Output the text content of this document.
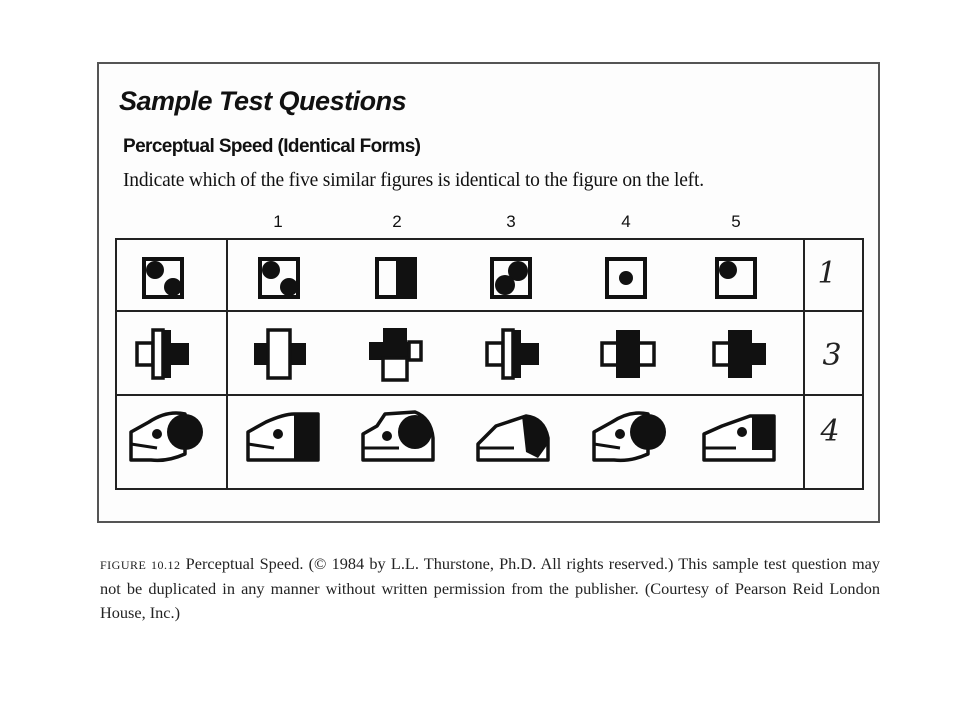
Sample Test Questions
Perceptual Speed (Identical Forms)
Indicate which of the five similar figures is identical to the figure on the left.
1	2	3	4	5
1
3
4
FIGURE 10.12 Perceptual Speed. (© 1984 by L.L. Thurstone, Ph.D. All rights reserved.) This sample test question may not be duplicated in any manner without written permission from the publisher. (Courtesy of Pearson Reid London House, Inc.)
